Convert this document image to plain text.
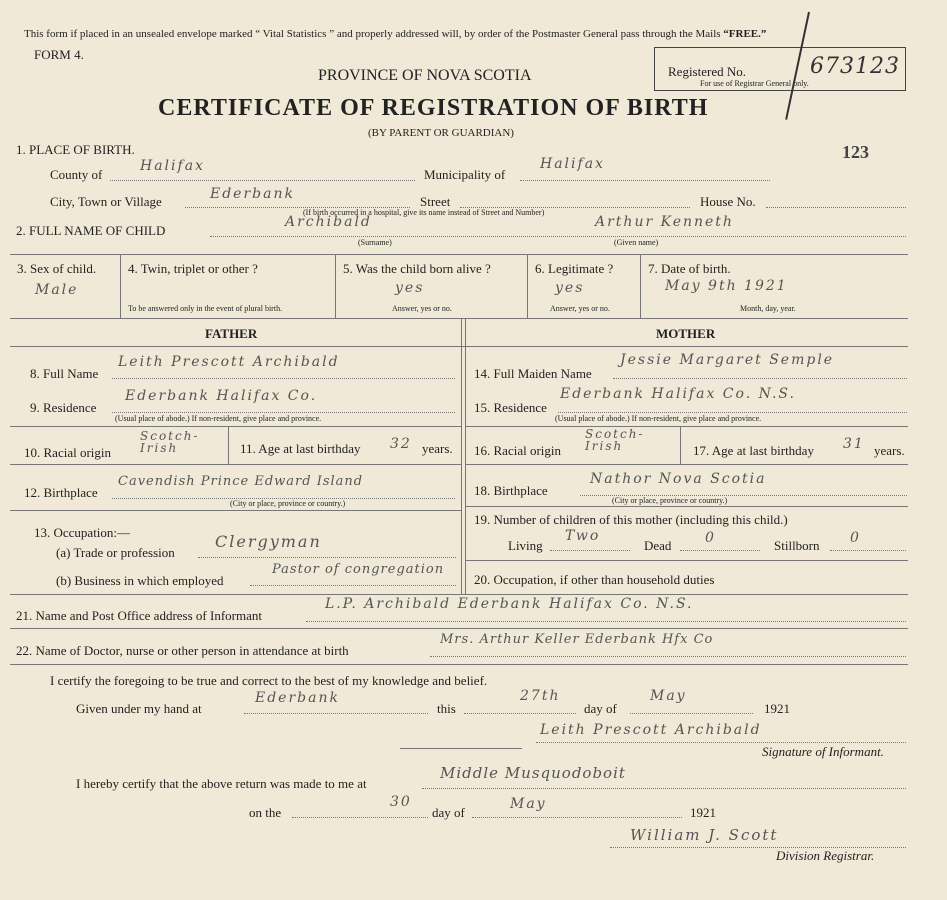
This form if placed in an unsealed envelope marked “ Vital Statistics ” and properly addressed will, by order of the Postmaster General pass through the Mails “FREE.”
FORM 4.
PROVINCE OF NOVA SCOTIA
CERTIFICATE OF REGISTRATION OF BIRTH
(BY PARENT OR GUARDIAN)
Registered No.	673123
For use of Registrar General only.
123
1. PLACE OF BIRTH.
County of
Halifax
Municipality of
Halifax
City, Town or Village	Ederbank	Street	House No.
(If birth occurred in a hospital, give its name instead of Street and Number)
2. FULL NAME OF CHILD
Archibald	Arthur Kenneth
(Surname)	(Given name)
3. Sex of child.
Male
4. Twin, triplet or other ?
To be answered only in the event of plural birth.
5. Was the child born alive ?
yes
Answer, yes or no.
6. Legitimate ?
yes
Answer, yes or no.
7. Date of birth.
May 9th 1921
Month, day, year.
FATHER	MOTHER
8. Full Name
Leith Prescott Archibald
9. Residence
Ederbank Halifax Co.
(Usual place of abode.) If non-resident, give place and province.
10. Racial origin
Scotch-Irish	11. Age at last birthday 32 years.
12. Birthplace
Cavendish Prince Edward Island
(City or place, province or country.)
13. Occupation:—
(a) Trade or profession
Clergyman
(b) Business in which employed
Pastor of congregation
14. Full Maiden Name
Jessie Margaret Semple
15. Residence
Ederbank Halifax Co. N.S.
(Usual place of abode.) If non-resident, give place and province.
16. Racial origin
Scotch-Irish	17. Age at last birthday 31 years.
18. Birthplace
Nathor Nova Scotia
(City or place, province or country.)
19. Number of children of this mother (including this child.)
Living
Two
Dead 0	Stillborn 0
20. Occupation, if other than household duties
21. Name and Post Office address of Informant
L.P. Archibald Ederbank Halifax Co. N.S.
22. Name of Doctor, nurse or other person in attendance at birth
Mrs. Arthur Keller Ederbank Hfx Co
I certify the foregoing to be true and correct to the best of my knowledge and belief.
Given under my hand at
Ederbank
this
27th
day of
May
1921
Leith Prescott Archibald
Signature of Informant.
I hereby certify that the above return was made to me at
Middle Musquodoboit
on the
30
day of
May
1921
William J. Scott
Division Registrar.
